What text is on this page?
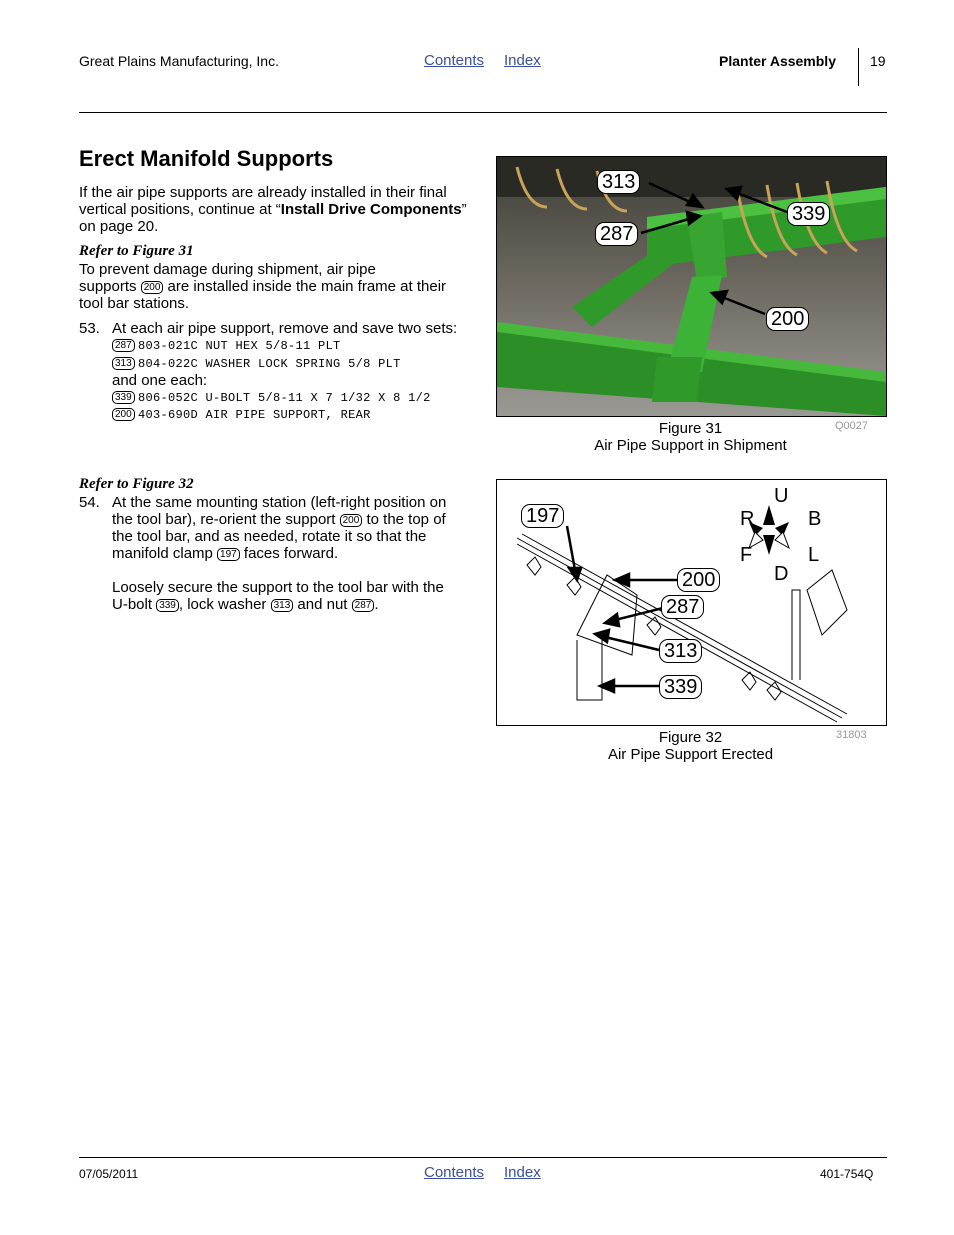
Great Plains Manufacturing, Inc.	Contents Index	Planter Assembly 19
Erect Manifold Supports
If the air pipe supports are already installed in their final vertical positions, continue at “Install Drive Components” on page 20.
Refer to Figure 31
To prevent damage during shipment, air pipe
supports 200 are installed inside the main frame at their
tool bar stations.
53. At each air pipe support, remove and save two sets:
287 803-021C NUT HEX 5/8-11 PLT
313 804-022C WASHER LOCK SPRING 5/8 PLT
and one each:
339 806-052C U-BOLT 5/8-11 X 7 1/32 X 8 1/2
200 403-690D AIR PIPE SUPPORT, REAR
Refer to Figure 32
54. At the same mounting station (left-right position on
the tool bar), re-orient the support 200 to the top of
the tool bar, and as needed, rotate it so that the
manifold clamp 197 faces forward.
Loosely secure the support to the tool bar with the
U-bolt 339 , lock washer 313 and nut 287 .
313
287
339
200
Figure 31
Air Pipe Support in Shipment
Q0027
197
200
287
313
339
U
D
R	B
F	L
Figure 32
Air Pipe Support Erected
31803
07/05/2011	Contents Index	401-754Q
